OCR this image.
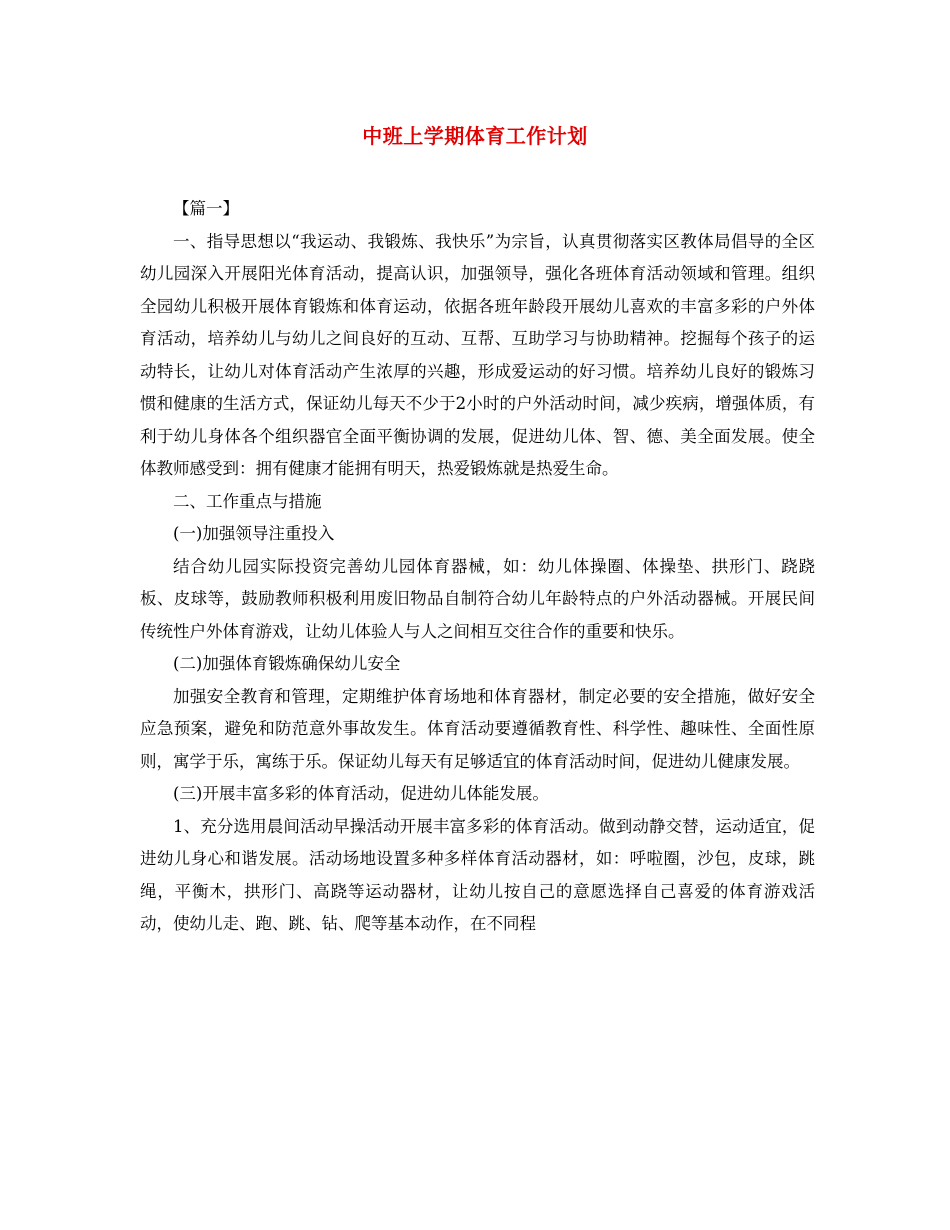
中班上学期体育工作计划

【篇一】

一、指导思想以“我运动、我锻炼、我快乐”为宗旨，认真贯彻落实区教体局倡导的全区幼儿园深入开展阳光体育活动，提高认识，加强领导，强化各班体育活动领域和管理。组织全园幼儿积极开展体育锻炼和体育运动，依据各班年龄段开展幼儿喜欢的丰富多彩的户外体育活动，培养幼儿与幼儿之间良好的互动、互帮、互助学习与协助精神。挖掘每个孩子的运动特长，让幼儿对体育活动产生浓厚的兴趣，形成爱运动的好习惯。培养幼儿良好的锻炼习惯和健康的生活方式，保证幼儿每天不少于2小时的户外活动时间，减少疾病，增强体质，有利于幼儿身体各个组织器官全面平衡协调的发展，促进幼儿体、智、德、美全面发展。使全体教师感受到：拥有健康才能拥有明天，热爱锻炼就是热爱生命。

二、工作重点与措施

(一)加强领导注重投入

结合幼儿园实际投资完善幼儿园体育器械，如：幼儿体操圈、体操垫、拱形门、跷跷板、皮球等，鼓励教师积极利用废旧物品自制符合幼儿年龄特点的户外活动器械。开展民间传统性户外体育游戏，让幼儿体验人与人之间相互交往合作的重要和快乐。

(二)加强体育锻炼确保幼儿安全

加强安全教育和管理，定期维护体育场地和体育器材，制定必要的安全措施，做好安全应急预案，避免和防范意外事故发生。体育活动要遵循教育性、科学性、趣味性、全面性原则，寓学于乐，寓练于乐。保证幼儿每天有足够适宜的体育活动时间，促进幼儿健康发展。

(三)开展丰富多彩的体育活动，促进幼儿体能发展。

1、充分选用晨间活动早操活动开展丰富多彩的体育活动。做到动静交替，运动适宜，促进幼儿身心和谐发展。活动场地设置多种多样体育活动器材，如：呼啦圈，沙包，皮球，跳绳，平衡木，拱形门、高跷等运动器材，让幼儿按自己的意愿选择自己喜爱的体育游戏活动，使幼儿走、跑、跳、钻、爬等基本动作，在不同程
